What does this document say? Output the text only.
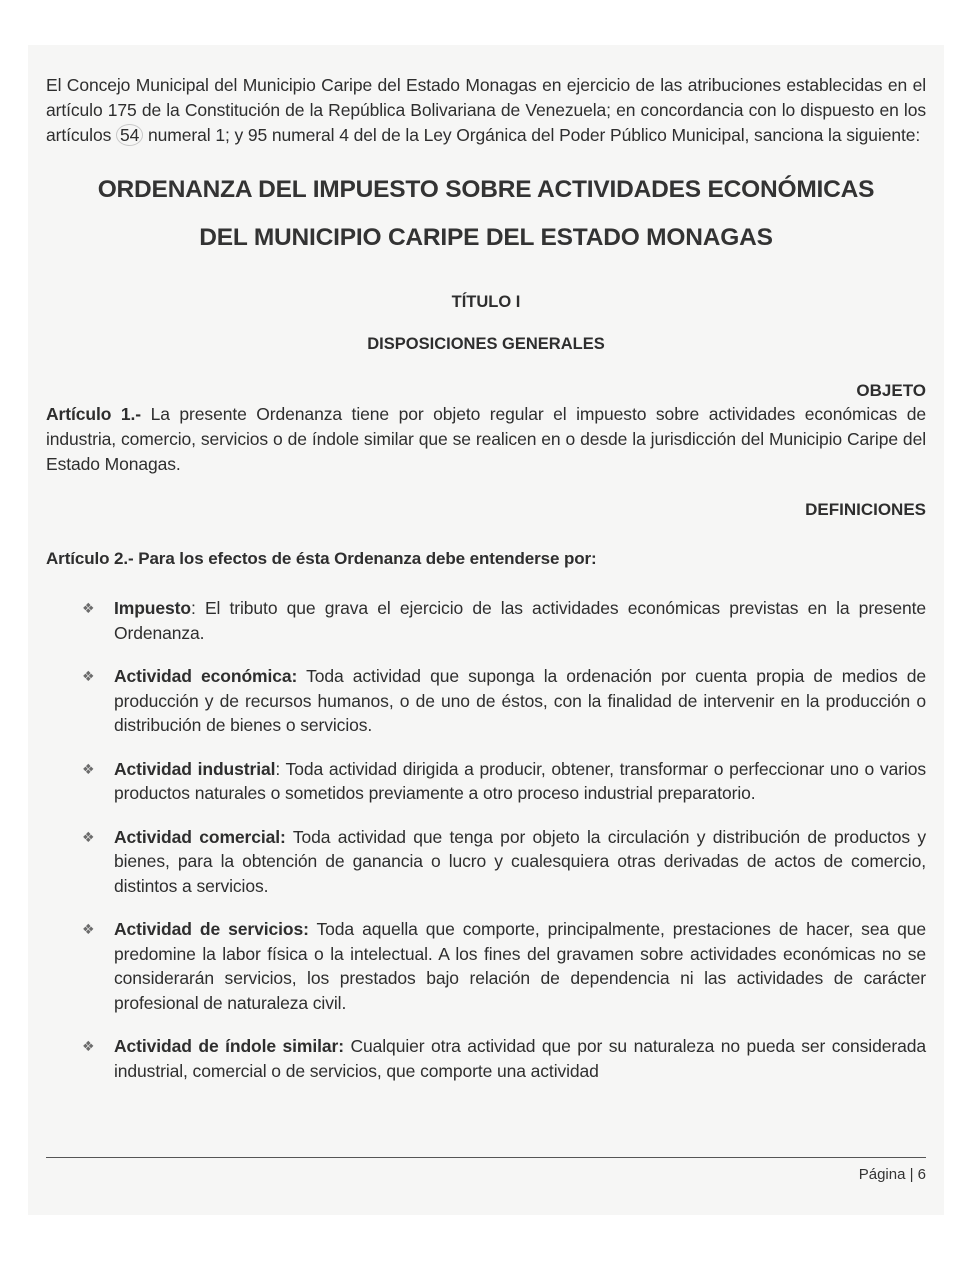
El Concejo Municipal del Municipio Caripe del Estado Monagas en ejercicio de las atribuciones establecidas en el artículo 175 de la Constitución de la República Bolivariana de Venezuela; en concordancia con lo dispuesto en los artículos 54 numeral 1; y 95 numeral 4 del de la Ley Orgánica del Poder Público Municipal, sanciona la siguiente:

ORDENANZA DEL IMPUESTO SOBRE ACTIVIDADES ECONÓMICAS
DEL MUNICIPIO CARIPE DEL ESTADO MONAGAS
TÍTULO I
DISPOSICIONES GENERALES
OBJETO

Artículo 1.- La presente Ordenanza tiene por objeto regular el impuesto sobre actividades económicas de industria, comercio, servicios o de índole similar que se realicen en o desde la jurisdicción del Municipio Caripe del Estado Monagas.

DEFINICIONES

Artículo 2.- Para los efectos de ésta Ordenanza debe entenderse por:

❖ Impuesto: El tributo que grava el ejercicio de las actividades económicas previstas en la presente Ordenanza.
❖ Actividad económica: Toda actividad que suponga la ordenación por cuenta propia de medios de producción y de recursos humanos, o de uno de éstos, con la finalidad de intervenir en la producción o distribución de bienes o servicios.
❖ Actividad industrial: Toda actividad dirigida a producir, obtener, transformar o perfeccionar uno o varios productos naturales o sometidos previamente a otro proceso industrial preparatorio.
❖ Actividad comercial: Toda actividad que tenga por objeto la circulación y distribución de productos y bienes, para la obtención de ganancia o lucro y cualesquiera otras derivadas de actos de comercio, distintos a servicios.
❖ Actividad de servicios: Toda aquella que comporte, principalmente, prestaciones de hacer, sea que predomine la labor física o la intelectual. A los fines del gravamen sobre actividades económicas no se considerarán servicios, los prestados bajo relación de dependencia ni las actividades de carácter profesional de naturaleza civil.
❖ Actividad de índole similar: Cualquier otra actividad que por su naturaleza no pueda ser considerada industrial, comercial o de servicios, que comporte una actividad
Página | 6
